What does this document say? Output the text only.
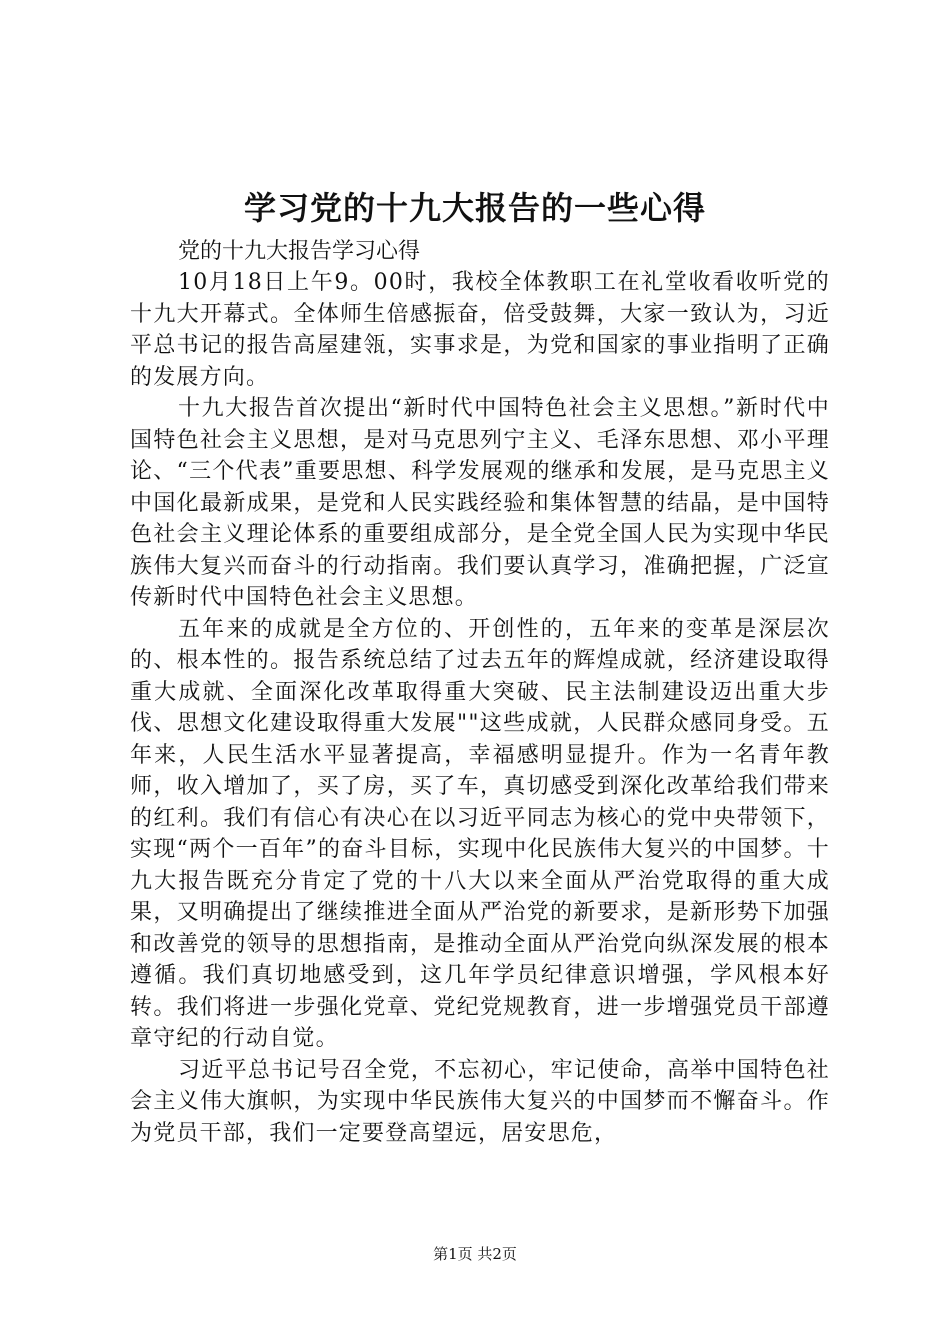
学习党的十九大报告的一些心得

党的十九大报告学习心得

10月18日上午9。00时，我校全体教职工在礼堂收看收听党的十九大开幕式。全体师生倍感振奋，倍受鼓舞，大家一致认为，习近平总书记的报告高屋建瓴，实事求是，为党和国家的事业指明了正确的发展方向。

十九大报告首次提出“新时代中国特色社会主义思想。”新时代中国特色社会主义思想，是对马克思列宁主义、毛泽东思想、邓小平理论、“三个代表”重要思想、科学发展观的继承和发展，是马克思主义中国化最新成果，是党和人民实践经验和集体智慧的结晶，是中国特色社会主义理论体系的重要组成部分，是全党全国人民为实现中华民族伟大复兴而奋斗的行动指南。我们要认真学习，准确把握，广泛宣传新时代中国特色社会主义思想。

五年来的成就是全方位的、开创性的，五年来的变革是深层次的、根本性的。报告系统总结了过去五年的辉煌成就，经济建设取得重大成就、全面深化改革取得重大突破、民主法制建设迈出重大步伐、思想文化建设取得重大发展""这些成就，人民群众感同身受。五年来，人民生活水平显著提高，幸福感明显提升。作为一名青年教师，收入增加了，买了房，买了车，真切感受到深化改革给我们带来的红利。我们有信心有决心在以习近平同志为核心的党中央带领下，实现“两个一百年”的奋斗目标，实现中化民族伟大复兴的中国梦。十九大报告既充分肯定了党的十八大以来全面从严治党取得的重大成果，又明确提出了继续推进全面从严治党的新要求，是新形势下加强和改善党的领导的思想指南，是推动全面从严治党向纵深发展的根本遵循。我们真切地感受到，这几年学员纪律意识增强，学风根本好转。我们将进一步强化党章、党纪党规教育，进一步增强党员干部遵章守纪的行动自觉。

习近平总书记号召全党，不忘初心，牢记使命，高举中国特色社会主义伟大旗帜，为实现中华民族伟大复兴的中国梦而不懈奋斗。作为党员干部，我们一定要登高望远，居安思危，

第1页 共2页
